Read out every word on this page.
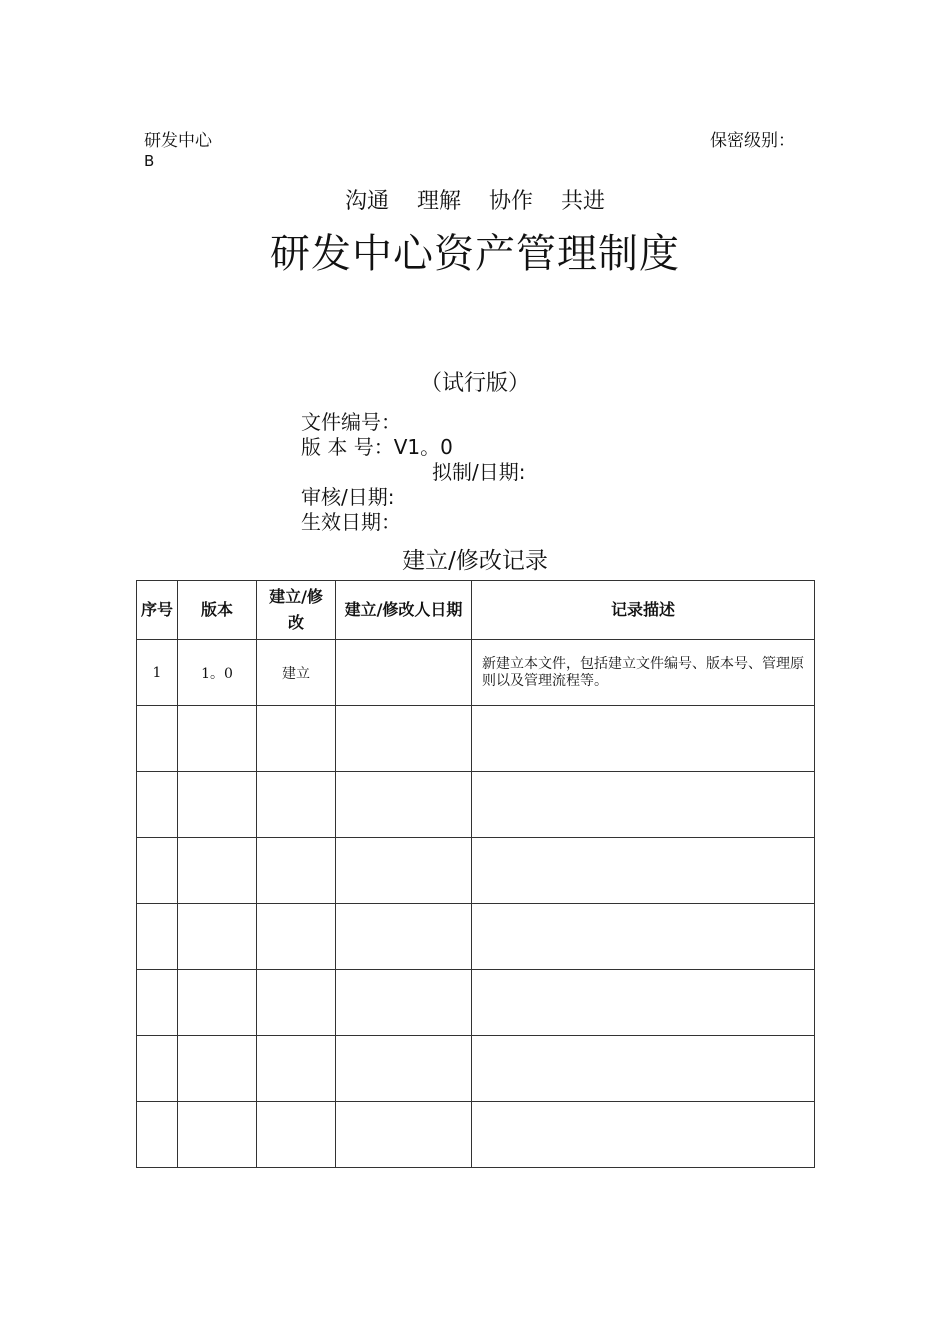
研发中心	保密级别：
B
沟通 理解 协作 共进
研发中心资产管理制度
（试行版）
文件编号：
版 本 号：V1。0
拟制/日期:
审核/日期:
生效日期：
建立/修改记录
序号	版本	建立/修改	建立/修改人日期	记录描述
1	1。0	建立		新建立本文件，包括建立文件编号、版本号、管理原则以及管理流程等。
